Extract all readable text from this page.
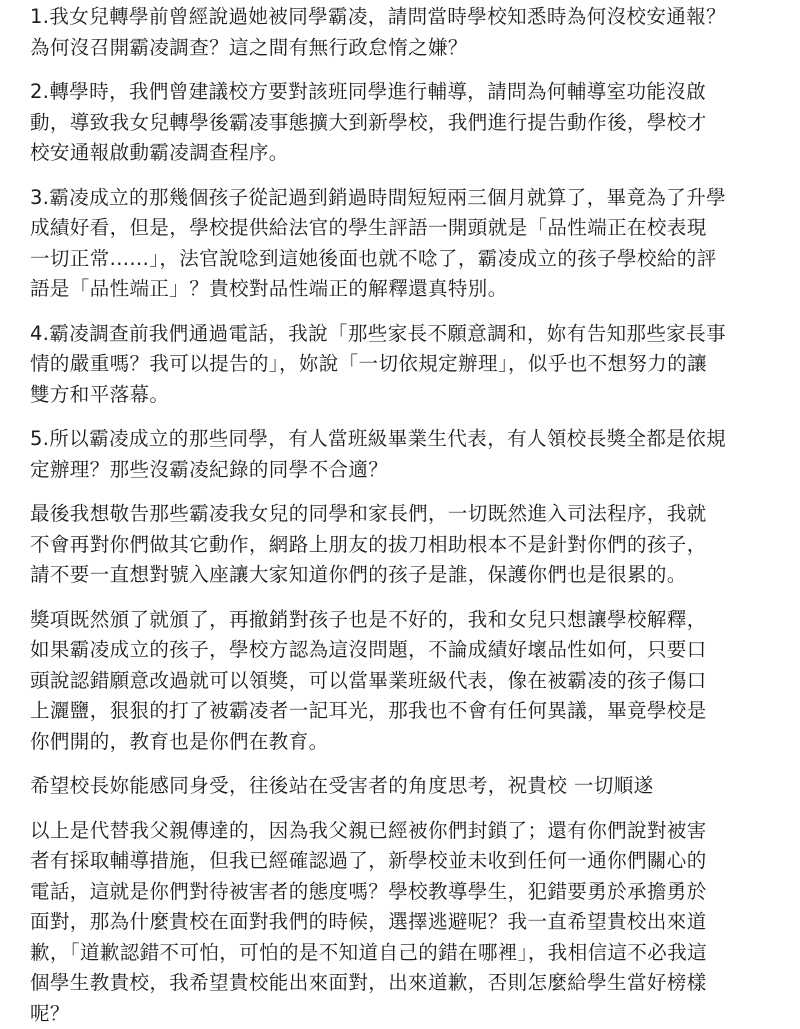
1.我女兒轉學前曾經說過她被同學霸凌，請問當時學校知悉時為何沒校安通報？
為何沒召開霸凌調查？這之間有無行政怠惰之嫌？
2.轉學時，我們曾建議校方要對該班同學進行輔導，請問為何輔導室功能沒啟
動，導致我女兒轉學後霸凌事態擴大到新學校，我們進行提告動作後，學校才
校安通報啟動霸凌調查程序。
3.霸凌成立的那幾個孩子從記過到銷過時間短短兩三個月就算了，畢竟為了升學
成績好看，但是，學校提供給法官的學生評語一開頭就是「品性端正在校表現
一切正常......」，法官說唸到這她後面也就不唸了，霸凌成立的孩子學校給的評
語是「品性端正」？貴校對品性端正的解釋還真特別。
4.霸凌調查前我們通過電話，我說「那些家長不願意調和，妳有告知那些家長事
情的嚴重嗎？我可以提告的」，妳說「一切依規定辦理」，似乎也不想努力的讓
雙方和平落幕。
5.所以霸凌成立的那些同學，有人當班級畢業生代表，有人領校長獎全都是依規
定辦理？那些沒霸凌紀錄的同學不合適？
最後我想敬告那些霸凌我女兒的同學和家長們，一切既然進入司法程序，我就
不會再對你們做其它動作，網路上朋友的拔刀相助根本不是針對你們的孩子，
請不要一直想對號入座讓大家知道你們的孩子是誰，保護你們也是很累的。
獎項既然頒了就頒了，再撤銷對孩子也是不好的，我和女兒只想讓學校解釋，
如果霸凌成立的孩子，學校方認為這沒問題，不論成績好壞品性如何，只要口
頭說認錯願意改過就可以領獎，可以當畢業班級代表，像在被霸凌的孩子傷口
上灑鹽，狠狠的打了被霸凌者一記耳光，那我也不會有任何異議，畢竟學校是
你們開的，教育也是你們在教育。
希望校長妳能感同身受，往後站在受害者的角度思考，祝貴校 一切順遂
以上是代替我父親傳達的，因為我父親已經被你們封鎖了；還有你們說對被害
者有採取輔導措施，但我已經確認過了，新學校並未收到任何一通你們關心的
電話，這就是你們對待被害者的態度嗎？學校教導學生，犯錯要勇於承擔勇於
面對，那為什麼貴校在面對我們的時候，選擇逃避呢？我一直希望貴校出來道
歉，「道歉認錯不可怕，可怕的是不知道自己的錯在哪裡」，我相信這不必我這
個學生教貴校，我希望貴校能出來面對，出來道歉，否則怎麼給學生當好榜樣
呢？
